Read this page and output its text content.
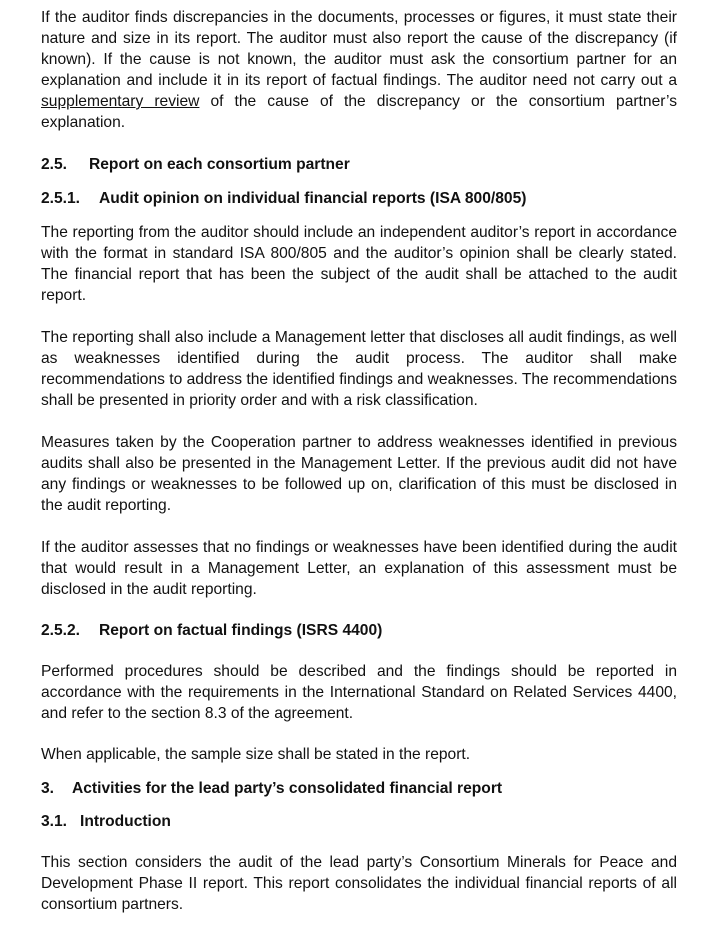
If the auditor finds discrepancies in the documents, processes or figures, it must state their nature and size in its report. The auditor must also report the cause of the discrepancy (if known). If the cause is not known, the auditor must ask the consortium partner for an explanation and include it in its report of factual findings. The auditor need not carry out a supplementary review of the cause of the discrepancy or the consortium partner’s explanation.

2.5. Report on each consortium partner
2.5.1. Audit opinion on individual financial reports (ISA 800/805)

The reporting from the auditor should include an independent auditor’s report in accordance with the format in standard ISA 800/805 and the auditor’s opinion shall be clearly stated. The financial report that has been the subject of the audit shall be attached to the audit report.

The reporting shall also include a Management letter that discloses all audit findings, as well as weaknesses identified during the audit process. The auditor shall make recommendations to address the identified findings and weaknesses. The recommendations shall be presented in priority order and with a risk classification.

Measures taken by the Cooperation partner to address weaknesses identified in previous audits shall also be presented in the Management Letter. If the previous audit did not have any findings or weaknesses to be followed up on, clarification of this must be disclosed in the audit reporting.

If the auditor assesses that no findings or weaknesses have been identified during the audit that would result in a Management Letter, an explanation of this assessment must be disclosed in the audit reporting.

2.5.2. Report on factual findings (ISRS 4400)

Performed procedures should be described and the findings should be reported in accordance with the requirements in the International Standard on Related Services 4400, and refer to the section 8.3 of the agreement.

When applicable, the sample size shall be stated in the report.

3. Activities for the lead party’s consolidated financial report
3.1. Introduction

This section considers the audit of the lead party’s Consortium Minerals for Peace and Development Phase II report. This report consolidates the individual financial reports of all consortium partners.
